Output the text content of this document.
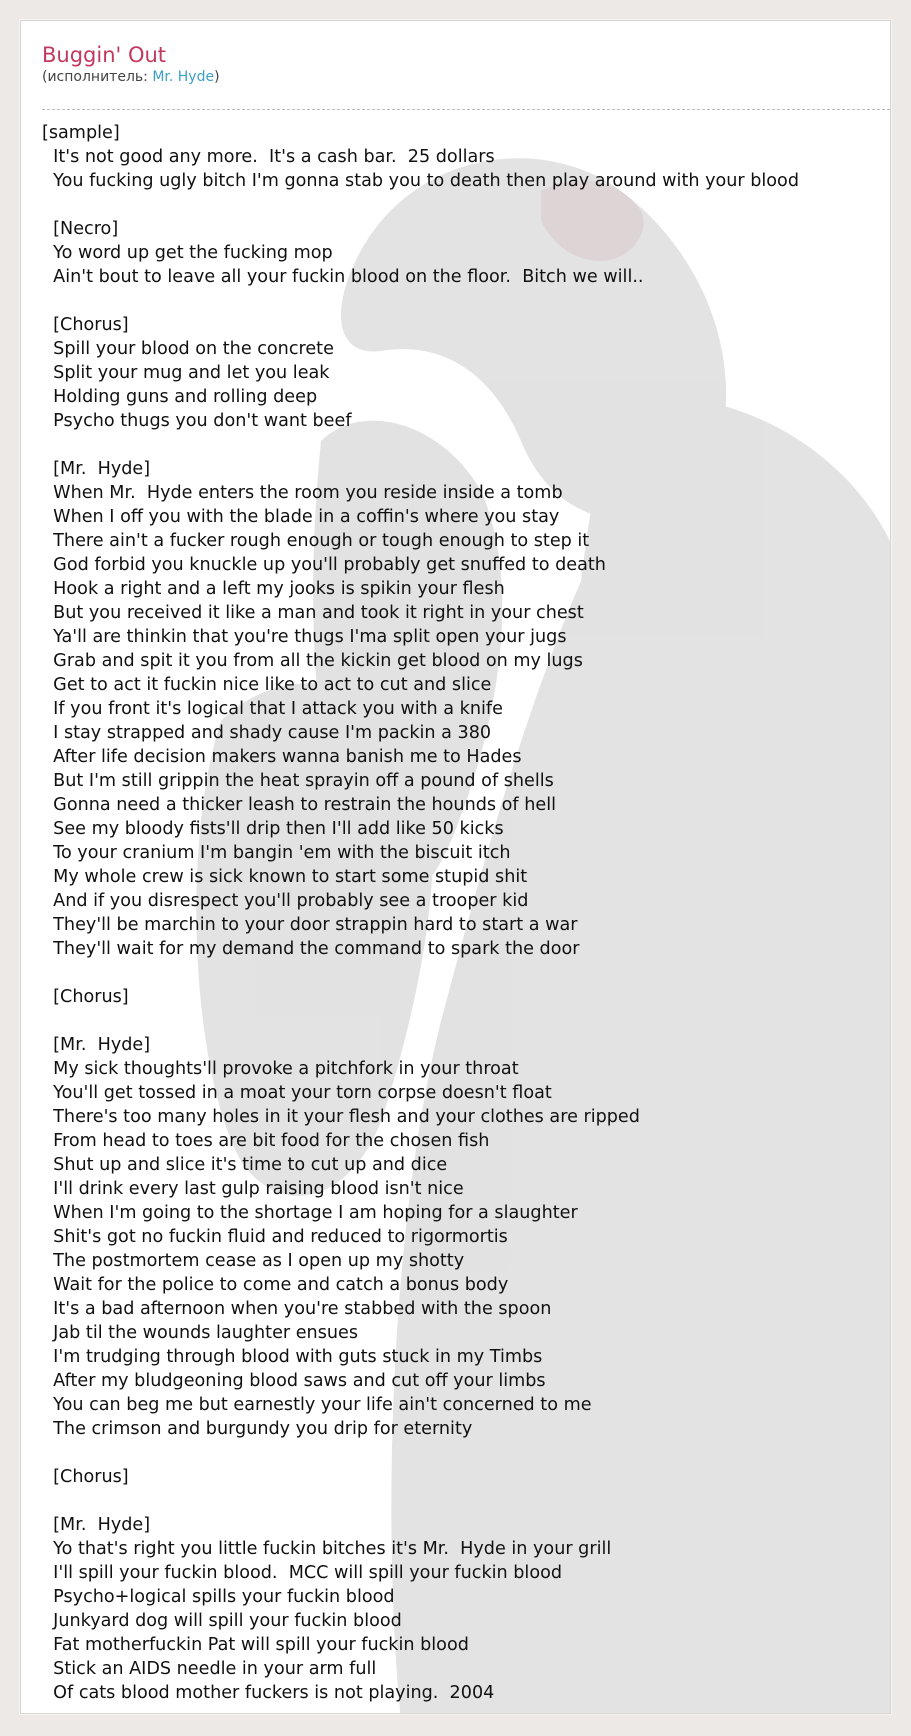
Buggin' Out
(исполнитель: Mr. Hyde)
[sample]
It's not good any more.  It's a cash bar.  25 dollars
You fucking ugly bitch I'm gonna stab you to death then play around with your blood

[Necro]
Yo word up get the fucking mop
Ain't bout to leave all your fuckin blood on the floor.  Bitch we will..

[Chorus]
Spill your blood on the concrete
Split your mug and let you leak
Holding guns and rolling deep
Psycho thugs you don't want beef

[Mr.  Hyde]
When Mr.  Hyde enters the room you reside inside a tomb
When I off you with the blade in a coffin's where you stay
There ain't a fucker rough enough or tough enough to step it
God forbid you knuckle up you'll probably get snuffed to death
Hook a right and a left my jooks is spikin your flesh
But you received it like a man and took it right in your chest
Ya'll are thinkin that you're thugs I'ma split open your jugs
Grab and spit it you from all the kickin get blood on my lugs
Get to act it fuckin nice like to act to cut and slice
If you front it's logical that I attack you with a knife
I stay strapped and shady cause I'm packin a 380
After life decision makers wanna banish me to Hades
But I'm still grippin the heat sprayin off a pound of shells
Gonna need a thicker leash to restrain the hounds of hell
See my bloody fists'll drip then I'll add like 50 kicks
To your cranium I'm bangin 'em with the biscuit itch
My whole crew is sick known to start some stupid shit
And if you disrespect you'll probably see a trooper kid
They'll be marchin to your door strappin hard to start a war
They'll wait for my demand the command to spark the door

[Chorus]

[Mr.  Hyde]
My sick thoughts'll provoke a pitchfork in your throat
You'll get tossed in a moat your torn corpse doesn't float
There's too many holes in it your flesh and your clothes are ripped
From head to toes are bit food for the chosen fish
Shut up and slice it's time to cut up and dice
I'll drink every last gulp raising blood isn't nice
When I'm going to the shortage I am hoping for a slaughter
Shit's got no fuckin fluid and reduced to rigormortis
The postmortem cease as I open up my shotty
Wait for the police to come and catch a bonus body
It's a bad afternoon when you're stabbed with the spoon
Jab til the wounds laughter ensues
I'm trudging through blood with guts stuck in my Timbs
After my bludgeoning blood saws and cut off your limbs
You can beg me but earnestly your life ain't concerned to me
The crimson and burgundy you drip for eternity

[Chorus]

[Mr.  Hyde]
Yo that's right you little fuckin bitches it's Mr.  Hyde in your grill
I'll spill your fuckin blood.  MCC will spill your fuckin blood
Psycho+logical spills your fuckin blood
Junkyard dog will spill your fuckin blood
Fat motherfuckin Pat will spill your fuckin blood
Stick an AIDS needle in your arm full
Of cats blood mother fuckers is not playing.  2004
